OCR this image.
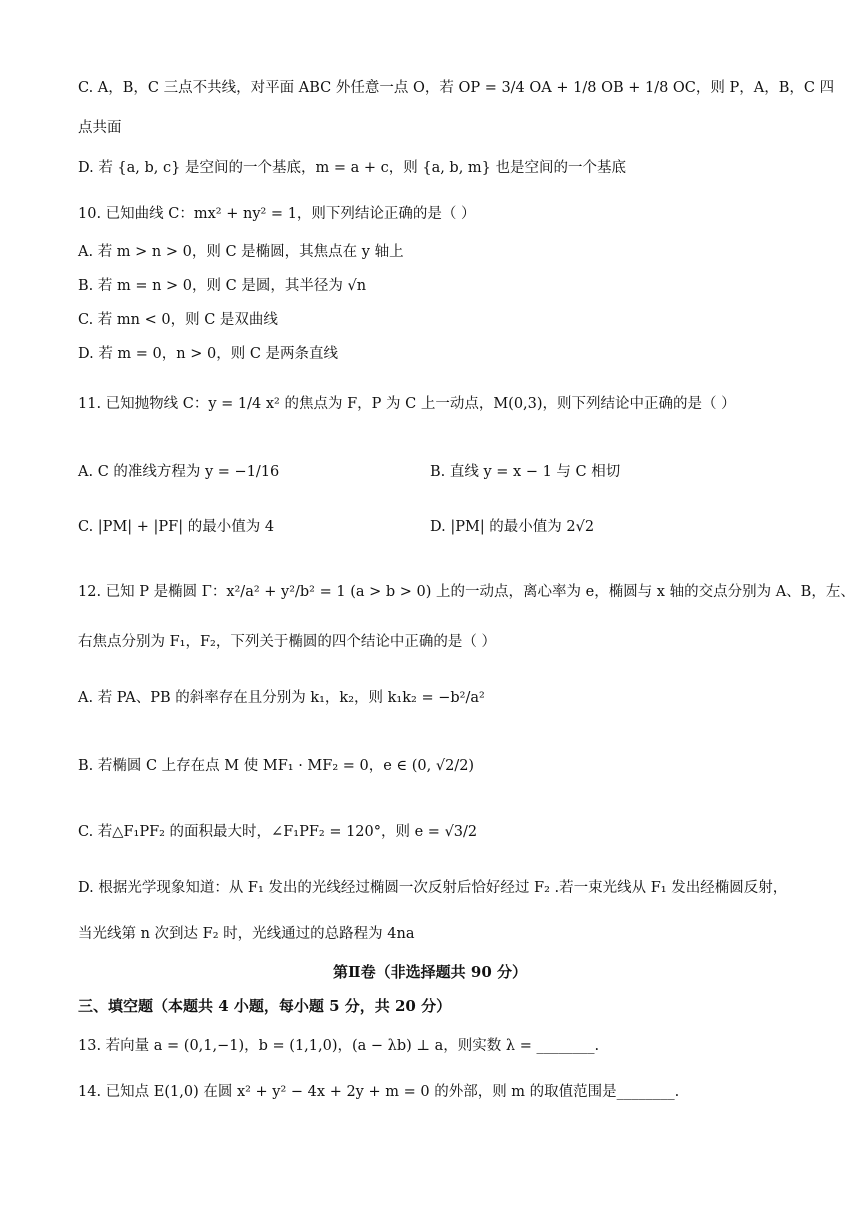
C. A，B，C 三点不共线，对平面 ABC 外任意一点 O，若 OP = 3/4 OA + 1/8 OB + 1/8 OC，则 P，A，B，C 四
点共面
D. 若 {a, b, c} 是空间的一个基底，m = a + c，则 {a, b, m} 也是空间的一个基底
10. 已知曲线 C：mx² + ny² = 1，则下列结论正确的是（ ）
A. 若 m > n > 0，则 C 是椭圆，其焦点在 y 轴上
B. 若 m = n > 0，则 C 是圆，其半径为 √n
C. 若 mn < 0，则 C 是双曲线
D. 若 m = 0，n > 0，则 C 是两条直线
11. 已知抛物线 C：y = 1/4 x² 的焦点为 F，P 为 C 上一动点，M(0,3)，则下列结论中正确的是（ ）
A. C 的准线方程为 y = −1/16	B. 直线 y = x − 1 与 C 相切
C. |PM| + |PF| 的最小值为 4	D. |PM| 的最小值为 2√2
12. 已知 P 是椭圆 Γ：x²/a² + y²/b² = 1 (a > b > 0) 上的一动点，离心率为 e，椭圆与 x 轴的交点分别为 A、B，左、
右焦点分别为 F₁，F₂，下列关于椭圆的四个结论中正确的是（ ）
A. 若 PA、PB 的斜率存在且分别为 k₁，k₂，则 k₁k₂ = −b²/a²
B. 若椭圆 C 上存在点 M 使 MF₁ · MF₂ = 0，e ∈ (0, √2/2)
C. 若△F₁PF₂ 的面积最大时，∠F₁PF₂ = 120°，则 e = √3/2
D. 根据光学现象知道：从 F₁ 发出的光线经过椭圆一次反射后恰好经过 F₂ .若一束光线从 F₁ 发出经椭圆反射，
当光线第 n 次到达 F₂ 时，光线通过的总路程为 4na
第Ⅱ卷（非选择题共 90 分）
三、填空题（本题共 4 小题，每小题 5 分，共 20 分）
13. 若向量 a = (0,1,−1)，b = (1,1,0)，(a − λb) ⊥ a，则实数 λ = ________.
14. 已知点 E(1,0) 在圆 x² + y² − 4x + 2y + m = 0 的外部，则 m 的取值范围是________.
